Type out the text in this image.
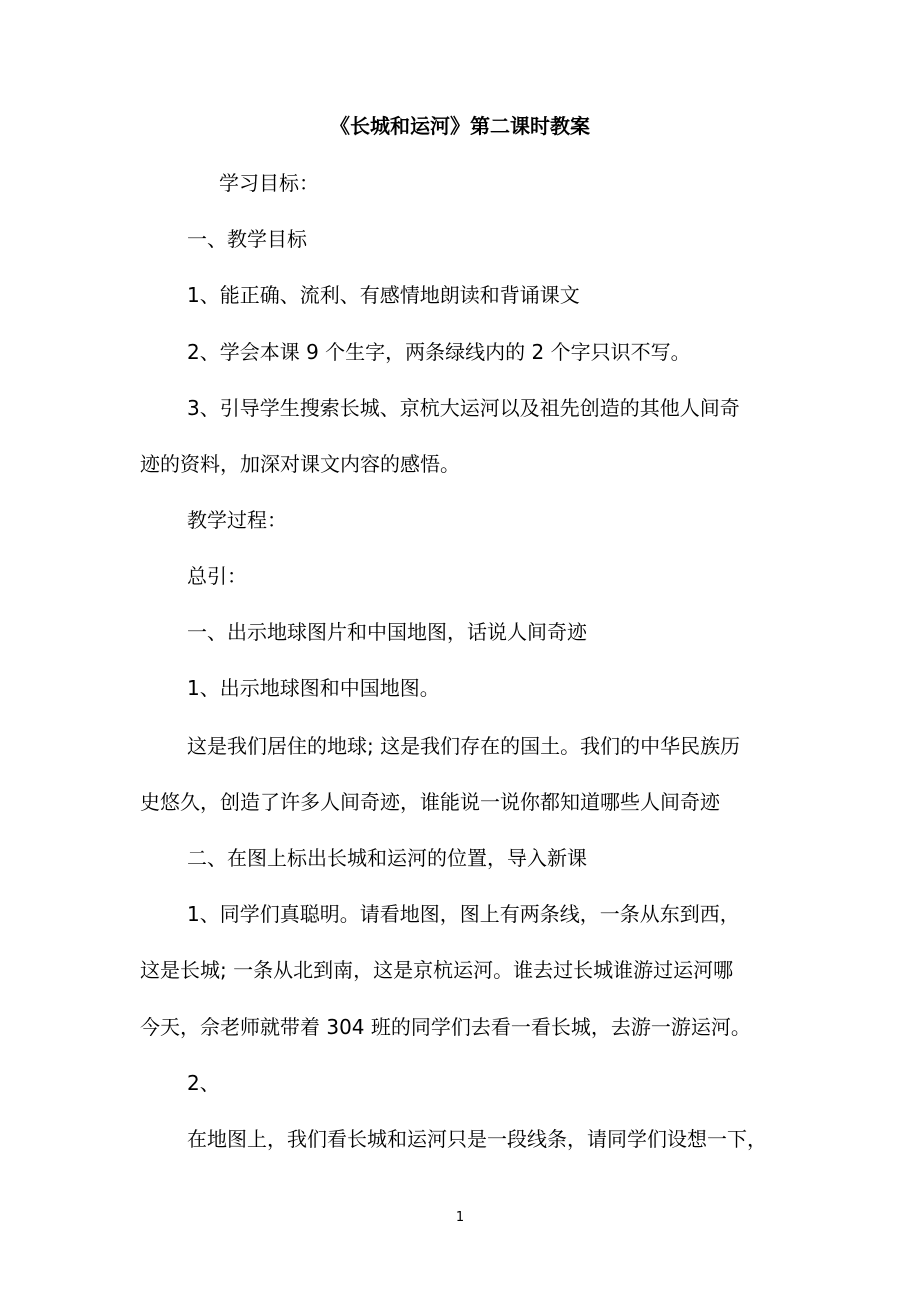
《长城和运河》第二课时教案
学习目标：
一、教学目标
1、能正确、流利、有感情地朗读和背诵课文
2、学会本课 9 个生字，两条绿线内的 2 个字只识不写。
3、引导学生搜索长城、京杭大运河以及祖先创造的其他人间奇
迹的资料，加深对课文内容的感悟。
教学过程：
总引：
一、出示地球图片和中国地图，话说人间奇迹
1、出示地球图和中国地图。
这是我们居住的地球; 这是我们存在的国土。我们的中华民族历
史悠久，创造了许多人间奇迹，谁能说一说你都知道哪些人间奇迹
二、在图上标出长城和运河的位置，导入新课
1、同学们真聪明。请看地图，图上有两条线，一条从东到西，
这是长城; 一条从北到南，这是京杭运河。谁去过长城谁游过运河哪
今天，佘老师就带着 304 班的同学们去看一看长城，去游一游运河。
2、
在地图上，我们看长城和运河只是一段线条，请同学们设想一下，
1
